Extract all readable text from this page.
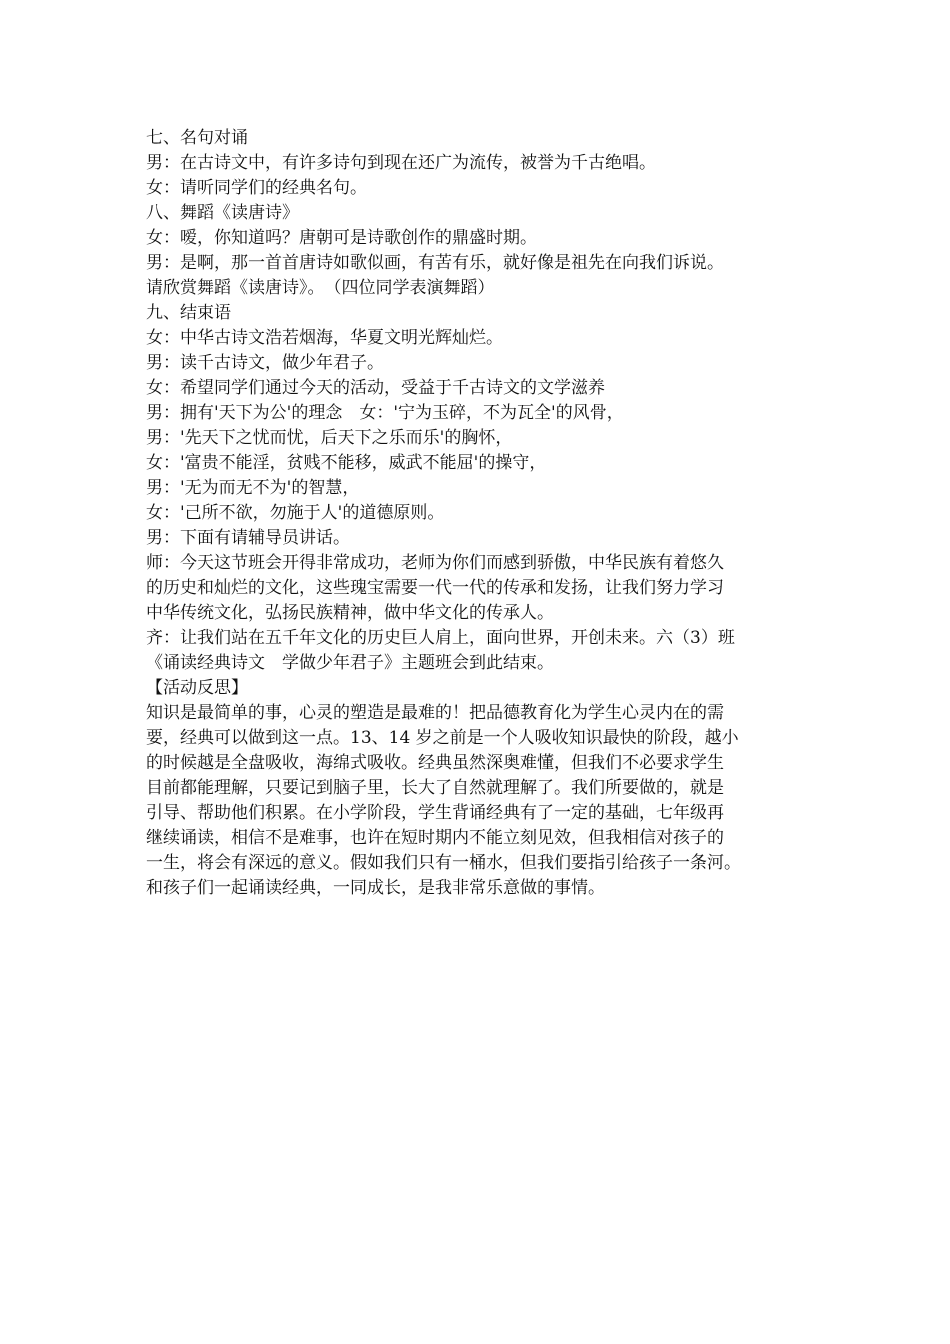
七、名句对诵
男：在古诗文中，有许多诗句到现在还广为流传，被誉为千古绝唱。
女：请听同学们的经典名句。
八、舞蹈《读唐诗》
女：嗳，你知道吗？唐朝可是诗歌创作的鼎盛时期。
男：是啊，那一首首唐诗如歌似画，有苦有乐，就好像是祖先在向我们诉说。
请欣赏舞蹈《读唐诗》。　（四位同学表演舞蹈）
九、结束语
女：中华古诗文浩若烟海，华夏文明光辉灿烂。
男：读千古诗文，做少年君子。
女：希望同学们通过今天的活动，受益于千古诗文的文学滋养
男：拥有'天下为公'的理念　女：'宁为玉碎，不为瓦全'的风骨，
男：'先天下之忧而忧，后天下之乐而乐'的胸怀，
女：'富贵不能淫，贫贱不能移，威武不能屈'的操守，
男：'无为而无不为'的智慧，
女：'己所不欲，勿施于人'的道德原则。
男：下面有请辅导员讲话。
师：今天这节班会开得非常成功，老师为你们而感到骄傲，中华民族有着悠久
的历史和灿烂的文化，这些瑰宝需要一代一代的传承和发扬，让我们努力学习
中华传统文化，弘扬民族精神，做中华文化的传承人。
齐：让我们站在五千年文化的历史巨人肩上，面向世界，开创未来。六（3）班
《诵读经典诗文　学做少年君子》主题班会到此结束。
【活动反思】
知识是最简单的事，心灵的塑造是最难的！把品德教育化为学生心灵内在的需
要，经典可以做到这一点。13、14 岁之前是一个人吸收知识最快的阶段，越小
的时候越是全盘吸收，海绵式吸收。经典虽然深奥难懂，但我们不必要求学生
目前都能理解，只要记到脑子里，长大了自然就理解了。我们所要做的，就是
引导、帮助他们积累。在小学阶段，学生背诵经典有了一定的基础，七年级再
继续诵读，相信不是难事，也许在短时期内不能立刻见效，但我相信对孩子的
一生，将会有深远的意义。假如我们只有一桶水，但我们要指引给孩子一条河。
和孩子们一起诵读经典，一同成长，是我非常乐意做的事情。
